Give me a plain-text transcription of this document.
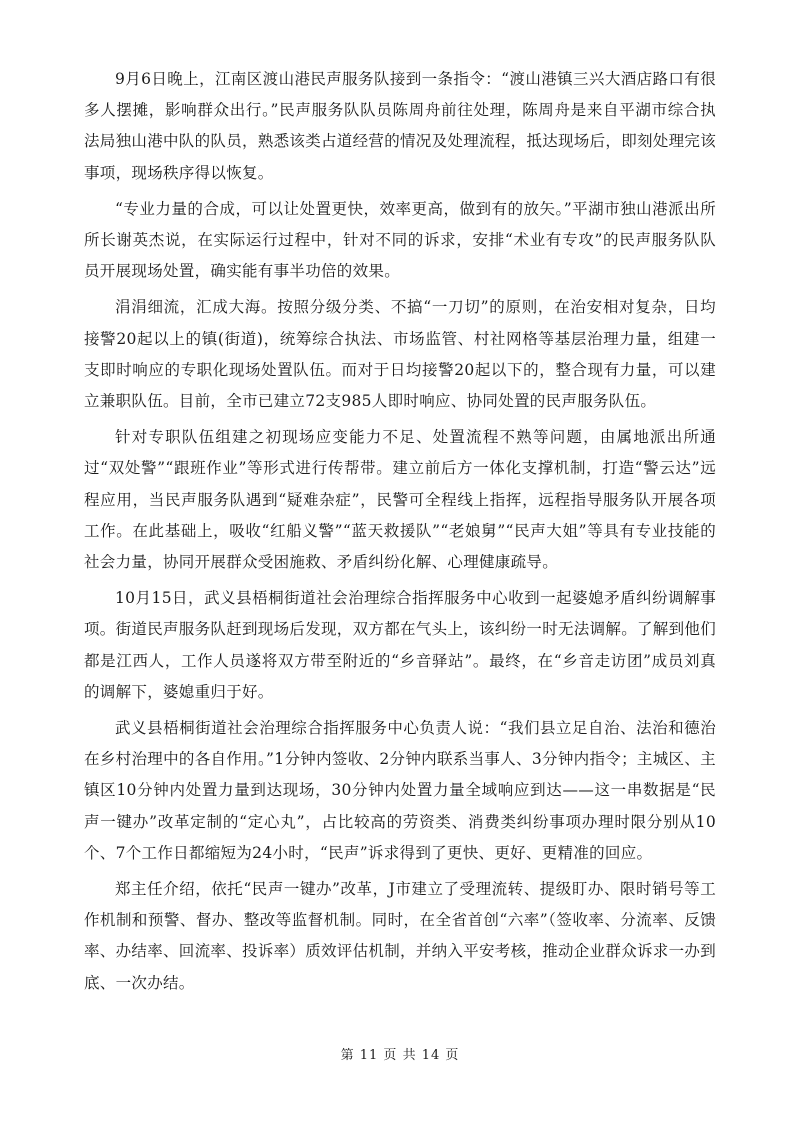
9月6日晚上，江南区渡山港民声服务队接到一条指令：“渡山港镇三兴大酒店路口有很多人摆摊，影响群众出行。”民声服务队队员陈周舟前往处理，陈周舟是来自平湖市综合执法局独山港中队的队员，熟悉该类占道经营的情况及处理流程，抵达现场后，即刻处理完该事项，现场秩序得以恢复。

“专业力量的合成，可以让处置更快，效率更高，做到有的放矢。”平湖市独山港派出所所长谢英杰说，在实际运行过程中，针对不同的诉求，安排“术业有专攻”的民声服务队队员开展现场处置，确实能有事半功倍的效果。

涓涓细流，汇成大海。按照分级分类、不搞“一刀切”的原则，在治安相对复杂，日均接警20起以上的镇(街道)，统筹综合执法、市场监管、村社网格等基层治理力量，组建一支即时响应的专职化现场处置队伍。而对于日均接警20起以下的，整合现有力量，可以建立兼职队伍。目前，全市已建立72支985人即时响应、协同处置的民声服务队伍。

针对专职队伍组建之初现场应变能力不足、处置流程不熟等问题，由属地派出所通过“双处警”“跟班作业”等形式进行传帮带。建立前后方一体化支撑机制，打造“警云达”远程应用，当民声服务队遇到“疑难杂症”，民警可全程线上指挥，远程指导服务队开展各项工作。在此基础上，吸收“红船义警”“蓝天救援队”“老娘舅”“民声大姐”等具有专业技能的社会力量，协同开展群众受困施救、矛盾纠纷化解、心理健康疏导。

10月15日，武义县梧桐街道社会治理综合指挥服务中心收到一起婆媳矛盾纠纷调解事项。街道民声服务队赶到现场后发现，双方都在气头上，该纠纷一时无法调解。了解到他们都是江西人，工作人员遂将双方带至附近的“乡音驿站”。最终，在“乡音走访团”成员刘真的调解下，婆媳重归于好。

武义县梧桐街道社会治理综合指挥服务中心负责人说：“我们县立足自治、法治和德治在乡村治理中的各自作用。”1分钟内签收、2分钟内联系当事人、3分钟内指令；主城区、主镇区10分钟内处置力量到达现场，30分钟内处置力量全域响应到达——这一串数据是“民声一键办”改革定制的“定心丸”，占比较高的劳资类、消费类纠纷事项办理时限分别从10个、7个工作日都缩短为24小时，“民声”诉求得到了更快、更好、更精准的回应。

郑主任介绍，依托“民声一键办”改革，J市建立了受理流转、提级盯办、限时销号等工作机制和预警、督办、整改等监督机制。同时，在全省首创“六率”（签收率、分流率、反馈率、办结率、回流率、投诉率）质效评估机制，并纳入平安考核，推动企业群众诉求一办到底、一次办结。

第 11 页 共 14 页
